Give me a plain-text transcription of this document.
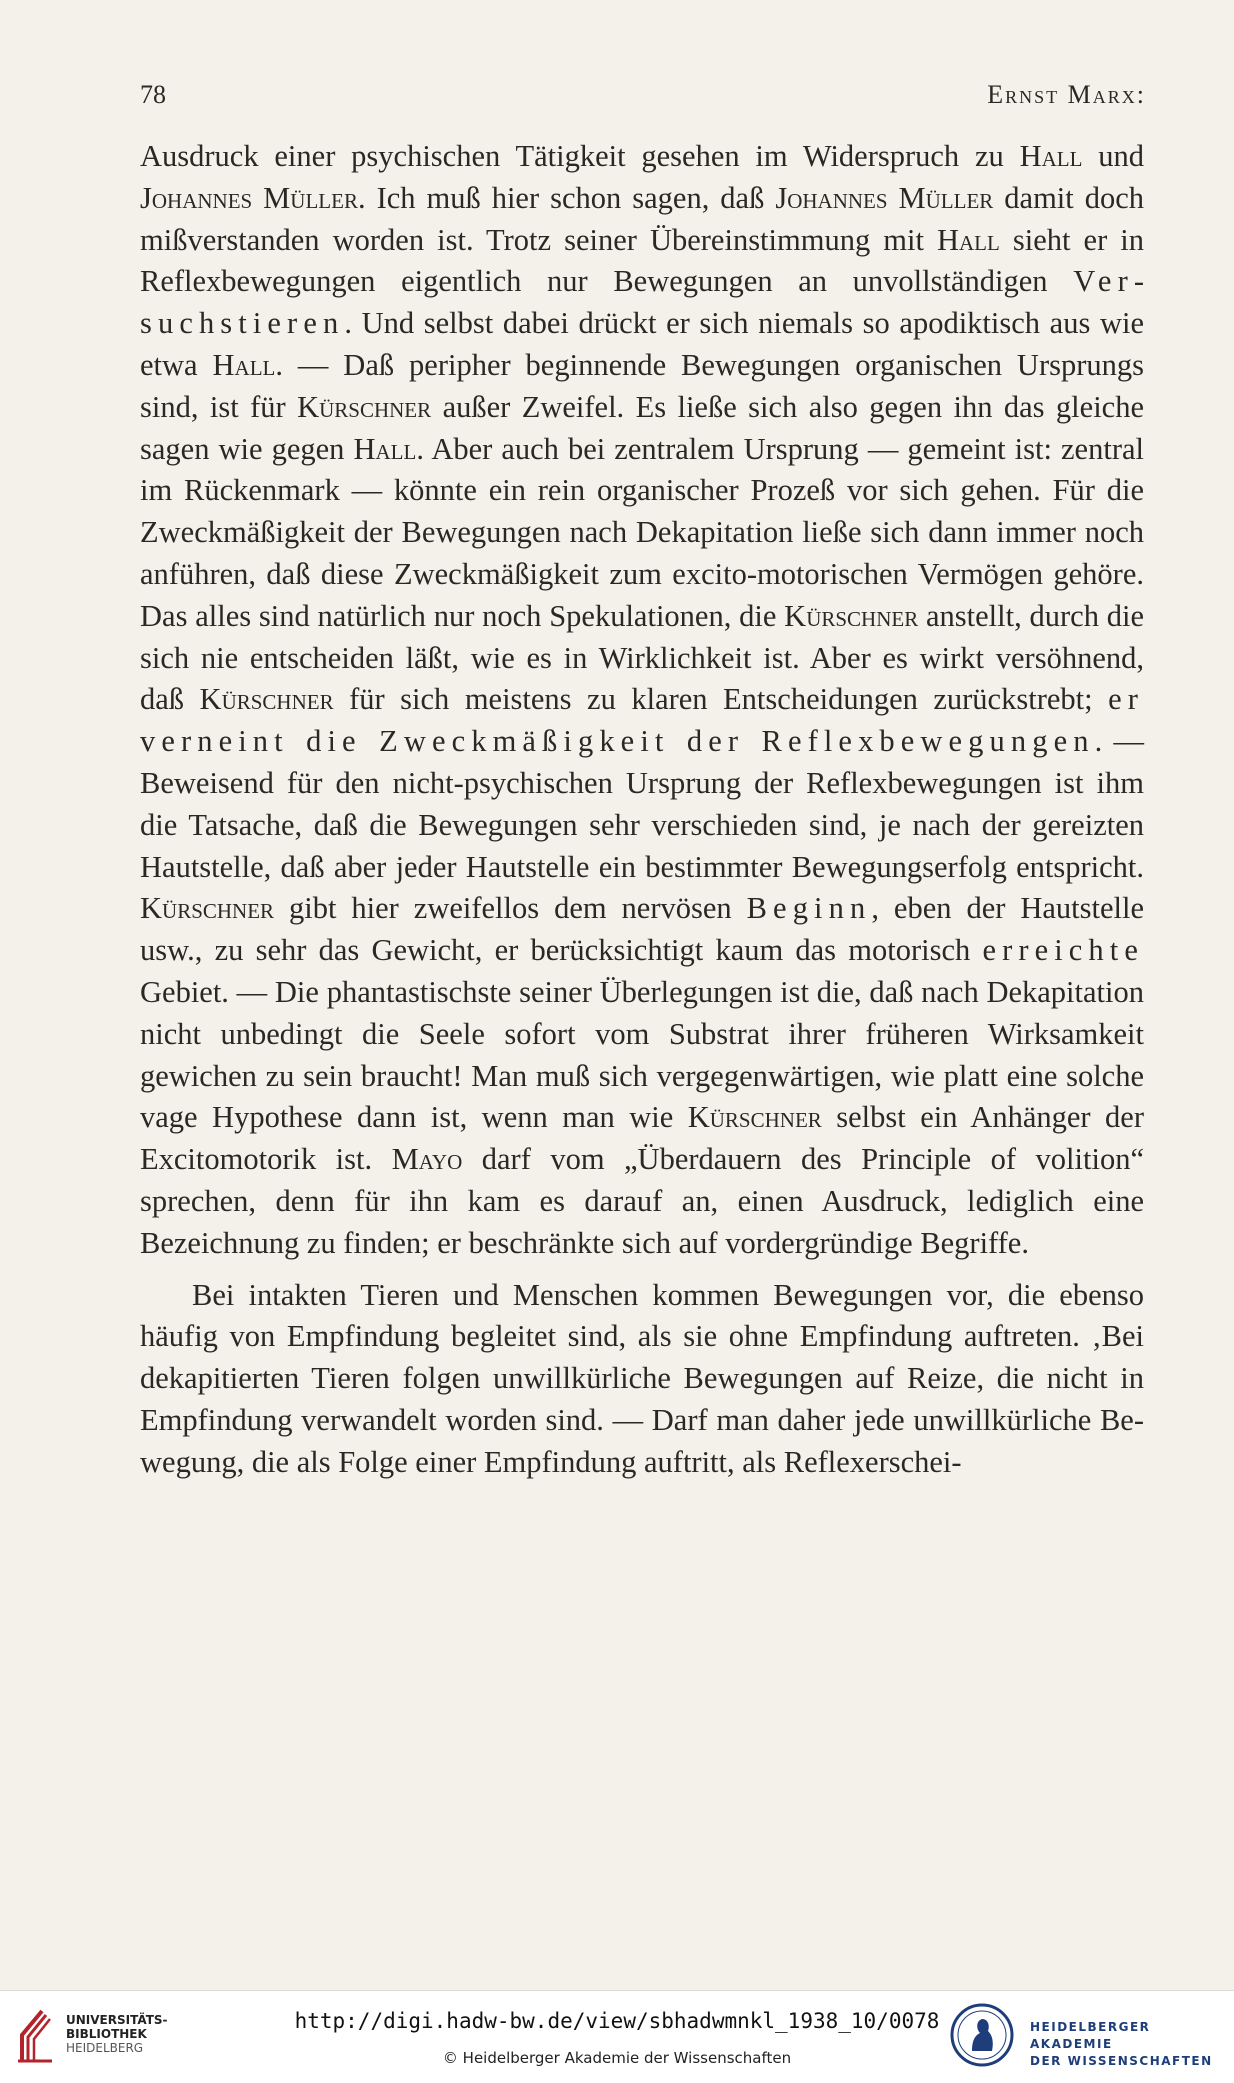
78	Ernst Marx:

Ausdruck einer psychischen Tätigkeit gesehen im Widerspruch zu Hall und Johannes Müller. Ich muß hier schon sagen, daß Johannes Müller damit doch mißverstanden worden ist. Trotz seiner Übereinstimmung mit Hall sieht er in Reflexbewegungen eigentlich nur Bewegungen an unvollständigen Versuchstieren. Und selbst dabei drückt er sich niemals so apodiktisch aus wie etwa Hall. — Daß peripher beginnende Bewegungen organischen Ursprungs sind, ist für Kürschner außer Zweifel. Es ließe sich also gegen ihn das gleiche sagen wie gegen Hall. Aber auch bei zentralem Ursprung — gemeint ist: zentral im Rückenmark — könnte ein rein organischer Prozeß vor sich gehen. Für die Zweckmäßigkeit der Bewegungen nach Dekapitation ließe sich dann immer noch anführen, daß diese Zweckmäßigkeit zum excito-motorischen Vermögen gehöre. Das alles sind natürlich nur noch Spekulationen, die Kürschner anstellt, durch die sich nie entscheiden läßt, wie es in Wirklichkeit ist. Aber es wirkt versöhnend, daß Kürschner für sich meistens zu klaren Entscheidungen zurückstrebt; er verneint die Zweckmäßigkeit der Reflexbewegungen. — Beweisend für den nicht-psychischen Ursprung der Reflexbewegungen ist ihm die Tatsache, daß die Bewegungen sehr verschieden sind, je nach der gereizten Hautstelle, daß aber jeder Hautstelle ein bestimmter Bewegungserfolg entspricht. Kürschner gibt hier zweifellos dem nervösen Beginn, eben der Hautstelle usw., zu sehr das Gewicht, er berücksichtigt kaum das motorisch erreichte Gebiet. — Die phantastischste seiner Überlegungen ist die, daß nach Dekapitation nicht unbedingt die Seele sofort vom Substrat ihrer früheren Wirksamkeit gewichen zu sein braucht! Man muß sich vergegenwärtigen, wie platt eine solche vage Hypothese dann ist, wenn man wie Kürschner selbst ein Anhänger der Excitomotorik ist. Mayo darf vom „Überdauern des Principle of volition“ sprechen, denn für ihn kam es darauf an, einen Ausdruck, lediglich eine Bezeichnung zu finden; er beschränkte sich auf vordergründige Begriffe.

Bei intakten Tieren und Menschen kommen Bewegungen vor, die ebenso häufig von Empfindung begleitet sind, als sie ohne Empfindung auftreten. ‚Bei dekapitierten Tieren folgen unwillkürliche Bewegungen auf Reize, die nicht in Empfindung verwandelt worden sind. — Darf man daher jede unwillkürliche Bewegung, die als Folge einer Empfindung auftritt, als Reflexerschei-

UNIVERSITÄTS-
BIBLIOTHEK
HEIDELBERG
http://digi.hadw-bw.de/view/sbhadwmnkl_1938_10/0078
© Heidelberger Akademie der Wissenschaften
HEIDELBERGER AKADEMIE
DER WISSENSCHAFTEN
